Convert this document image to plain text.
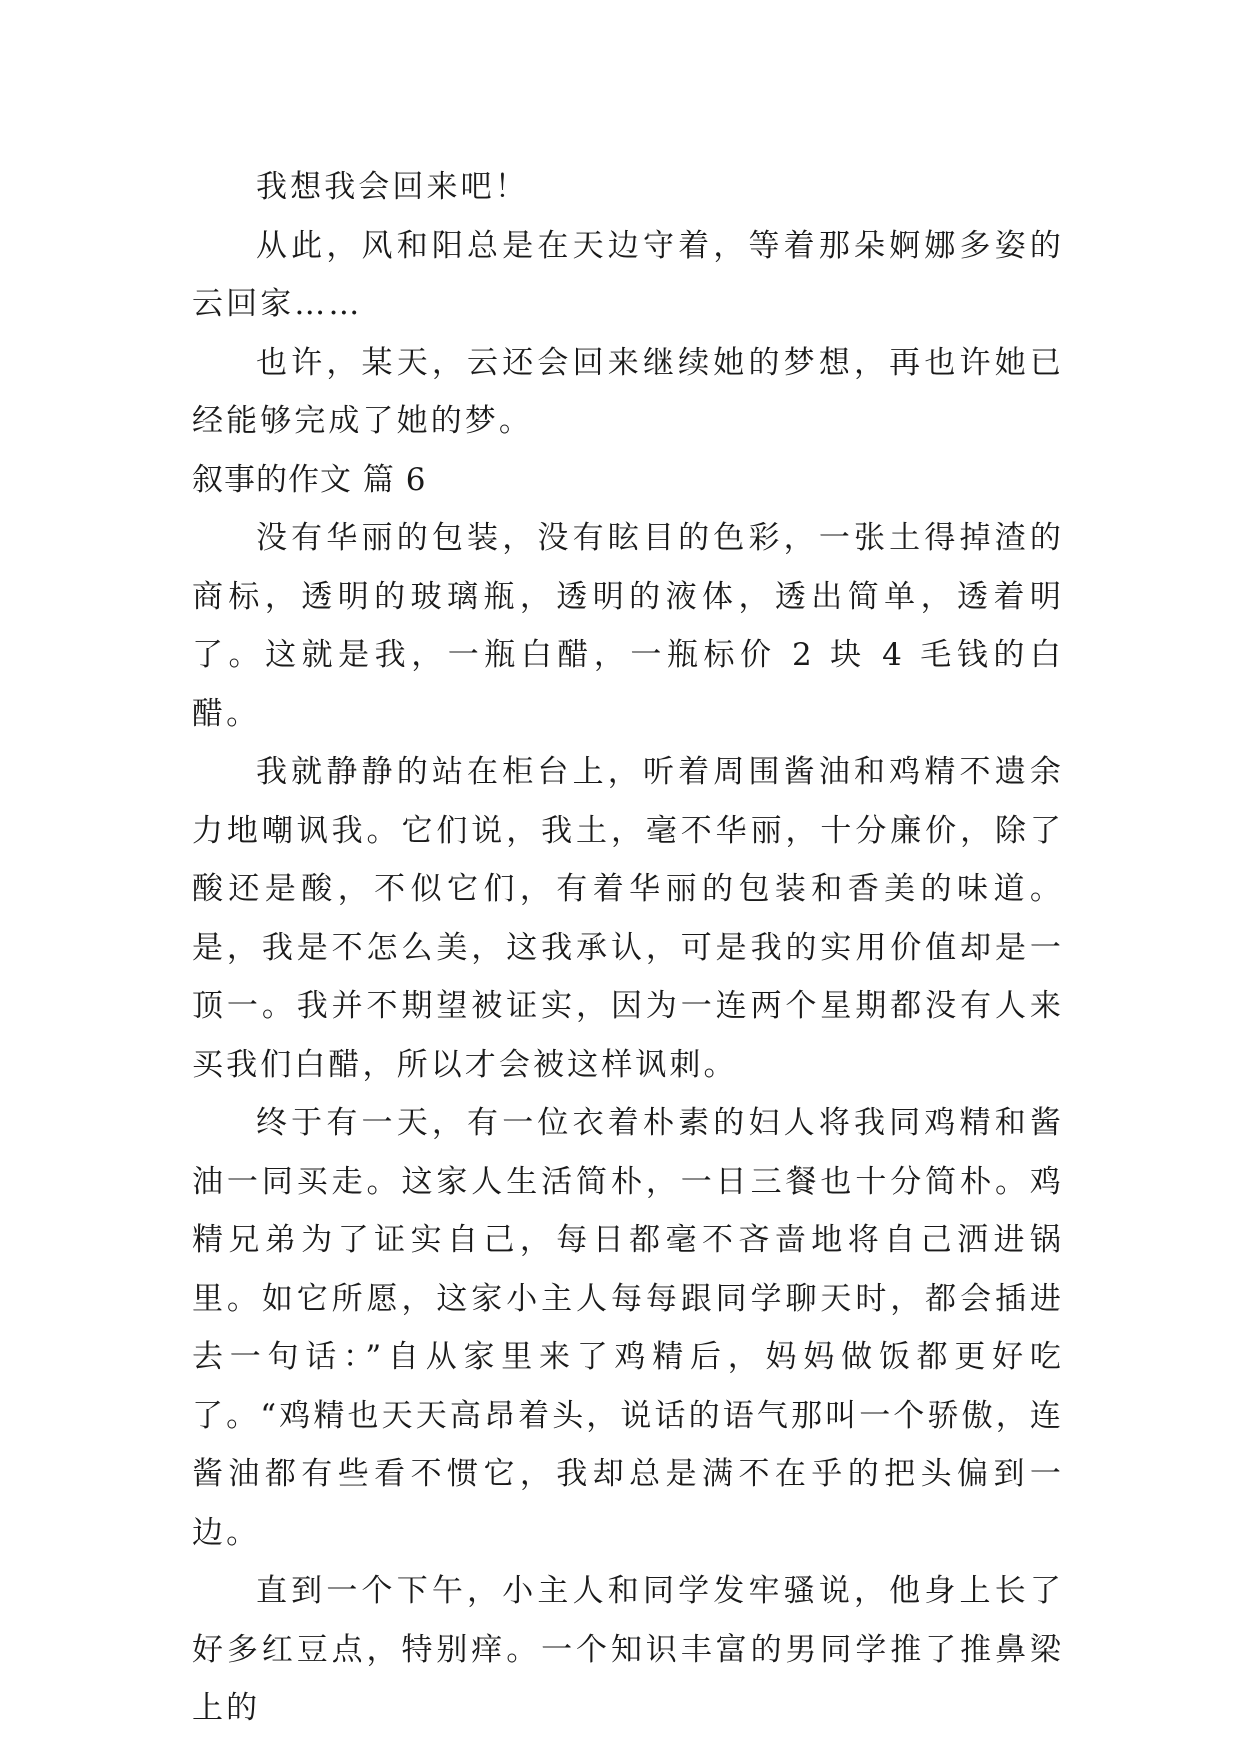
我想我会回来吧！

从此，风和阳总是在天边守着，等着那朵婀娜多姿的云回家……

也许，某天，云还会回来继续她的梦想，再也许她已经能够完成了她的梦。

叙事的作文 篇 6

没有华丽的包装，没有眩目的色彩，一张土得掉渣的商标，透明的玻璃瓶，透明的液体，透出简单，透着明了。这就是我，一瓶白醋，一瓶标价 2 块 4 毛钱的白醋。

我就静静的站在柜台上，听着周围酱油和鸡精不遗余力地嘲讽我。它们说，我土，毫不华丽，十分廉价，除了酸还是酸，不似它们，有着华丽的包装和香美的味道。是，我是不怎么美，这我承认，可是我的实用价值却是一顶一。我并不期望被证实，因为一连两个星期都没有人来买我们白醋，所以才会被这样讽刺。

终于有一天，有一位衣着朴素的妇人将我同鸡精和酱油一同买走。这家人生活简朴，一日三餐也十分简朴。鸡精兄弟为了证实自己，每日都毫不吝啬地将自己洒进锅里。如它所愿，这家小主人每每跟同学聊天时，都会插进去一句话：”自从家里来了鸡精后，妈妈做饭都更好吃了。“鸡精也天天高昂着头，说话的语气那叫一个骄傲，连酱油都有些看不惯它，我却总是满不在乎的把头偏到一边。

直到一个下午，小主人和同学发牢骚说，他身上长了好多红豆点，特别痒。一个知识丰富的男同学推了推鼻梁上的
